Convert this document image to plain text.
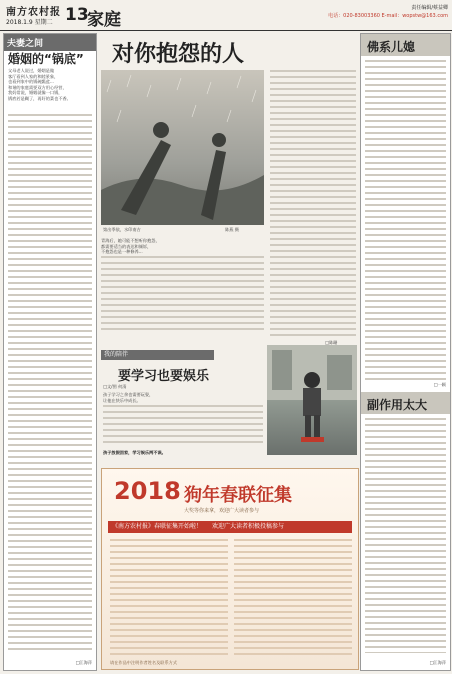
南方农村报
2018.1.9 星期二 13
家庭
责任编辑/蔡益卿
电话：020-83003360 E-mail：wopstw@163.com
夫妻之间
婚姻的“锅底”
父母老人说过，婚姻是做
客厅看到人家的和睦景象，
也看到家中的锅碗瓢盆...
和谐的家庭需要双方用心经营，
我妈常说，婚姻就像一口锅，
锅底若是糊了，再好的菜也不香。
□江海萍
对你抱怨的人
第出季依，水印南吉	陈燕 摄
青海后，她可能不想听你抱怨，
都需要适当的表达和倾诉，
不抱怨也是一种修养...
□陈珊
我的陪伴
要学习也要娱乐
□文/图 何清
孩子学习之余也需要玩耍，
让他在快乐中成长。
孩子放假回家，学习娱乐两不误。
佛系儿媳
□一颖
副作用太大
□江海萍
2018 狗年春联征集
大奖等你来拿，欢迎广大读者参与
《南方农村报》春联征集开始啦！ 欢迎广大读者积极投稿参与
请在作品中注明作者姓名及联系方式
